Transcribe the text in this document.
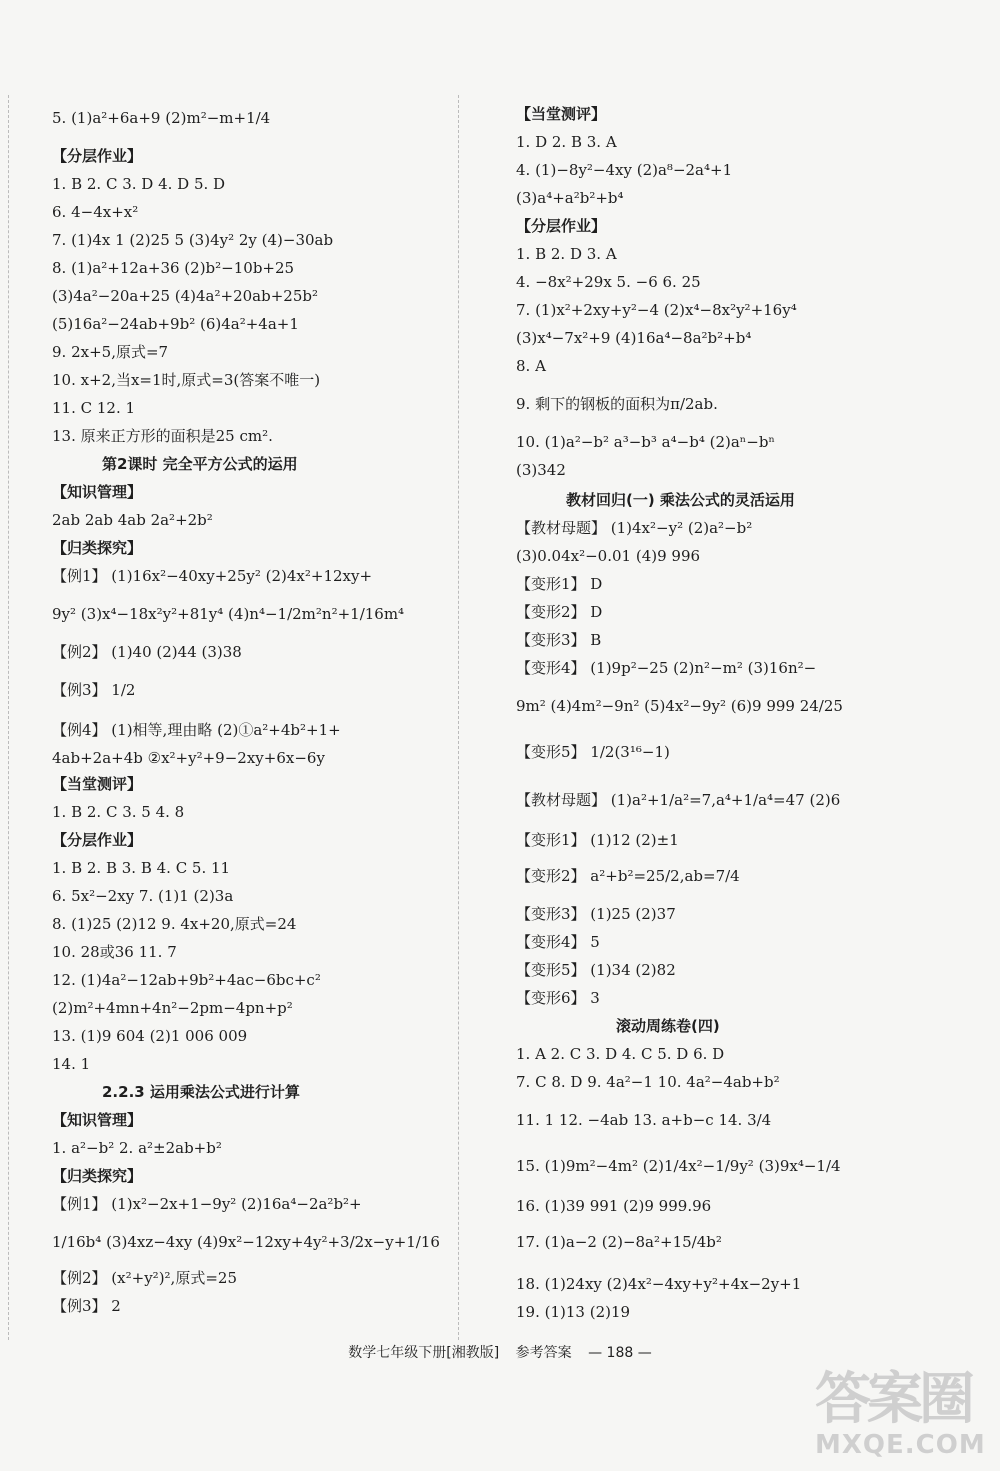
5. (1)a²+6a+9 (2)m²−m+1/4
【分层作业】
1. B 2. C 3. D 4. D 5. D
6. 4−4x+x²
7. (1)4x 1 (2)25 5 (3)4y² 2y (4)−30ab
8. (1)a²+12a+36 (2)b²−10b+25
(3)4a²−20a+25 (4)4a²+20ab+25b²
(5)16a²−24ab+9b² (6)4a²+4a+1
9. 2x+5,原式=7
10. x+2,当x=1时,原式=3(答案不唯一)
11. C 12. 1
13. 原来正方形的面积是25 cm².
第2课时 完全平方公式的运用
【知识管理】
2ab 2ab 4ab 2a²+2b²
【归类探究】
【例1】 (1)16x²−40xy+25y² (2)4x²+12xy+
9y² (3)x⁴−18x²y²+81y⁴ (4)n⁴−1/2m²n²+1/16m⁴
【例2】 (1)40 (2)44 (3)38
【例3】 1/2
【例4】 (1)相等,理由略 (2)①a²+4b²+1+
4ab+2a+4b ②x²+y²+9−2xy+6x−6y
【当堂测评】
1. B 2. C 3. 5 4. 8
【分层作业】
1. B 2. B 3. B 4. C 5. 11
6. 5x²−2xy 7. (1)1 (2)3a
8. (1)25 (2)12 9. 4x+20,原式=24
10. 28或36 11. 7
12. (1)4a²−12ab+9b²+4ac−6bc+c²
(2)m²+4mn+4n²−2pm−4pn+p²
13. (1)9 604 (2)1 006 009
14. 1
2.2.3 运用乘法公式进行计算
【知识管理】
1. a²−b² 2. a²±2ab+b²
【归类探究】
【例1】 (1)x²−2x+1−9y² (2)16a⁴−2a²b²+
1/16b⁴ (3)4xz−4xy (4)9x²−12xy+4y²+3/2x−y+1/16
【例2】 (x²+y²)²,原式=25
【例3】 2
【当堂测评】
1. D 2. B 3. A
4. (1)−8y²−4xy (2)a⁸−2a⁴+1
(3)a⁴+a²b²+b⁴
【分层作业】
1. B 2. D 3. A
4. −8x²+29x 5. −6 6. 25
7. (1)x²+2xy+y²−4 (2)x⁴−8x²y²+16y⁴
(3)x⁴−7x²+9 (4)16a⁴−8a²b²+b⁴
8. A
9. 剩下的钢板的面积为π/2ab.
10. (1)a²−b² a³−b³ a⁴−b⁴ (2)aⁿ−bⁿ
(3)342
教材回归(一) 乘法公式的灵活运用
【教材母题】 (1)4x²−y² (2)a²−b²
(3)0.04x²−0.01 (4)9 996
【变形1】 D
【变形2】 D
【变形3】 B
【变形4】 (1)9p²−25 (2)n²−m² (3)16n²−
9m² (4)4m²−9n² (5)4x²−9y² (6)9 999 24/25
【变形5】 1/2(3¹⁶−1)
【教材母题】 (1)a²+1/a²=7,a⁴+1/a⁴=47 (2)6
【变形1】 (1)12 (2)±1
【变形2】 a²+b²=25/2,ab=7/4
【变形3】 (1)25 (2)37
【变形4】 5
【变形5】 (1)34 (2)82
【变形6】 3
滚动周练卷(四)
1. A 2. C 3. D 4. C 5. D 6. D
7. C 8. D 9. 4a²−1 10. 4a²−4ab+b²
11. 1 12. −4ab 13. a+b−c 14. 3/4
15. (1)9m²−4m² (2)1/4x²−1/9y² (3)9x⁴−1/4
16. (1)39 991 (2)9 999.96
17. (1)a−2 (2)−8a²+15/4b²
18. (1)24xy (2)4x²−4xy+y²+4x−2y+1
19. (1)13 (2)19
数学七年级下册[湘教版] 参考答案 — 188 —
答案圈
MXQE.COM
